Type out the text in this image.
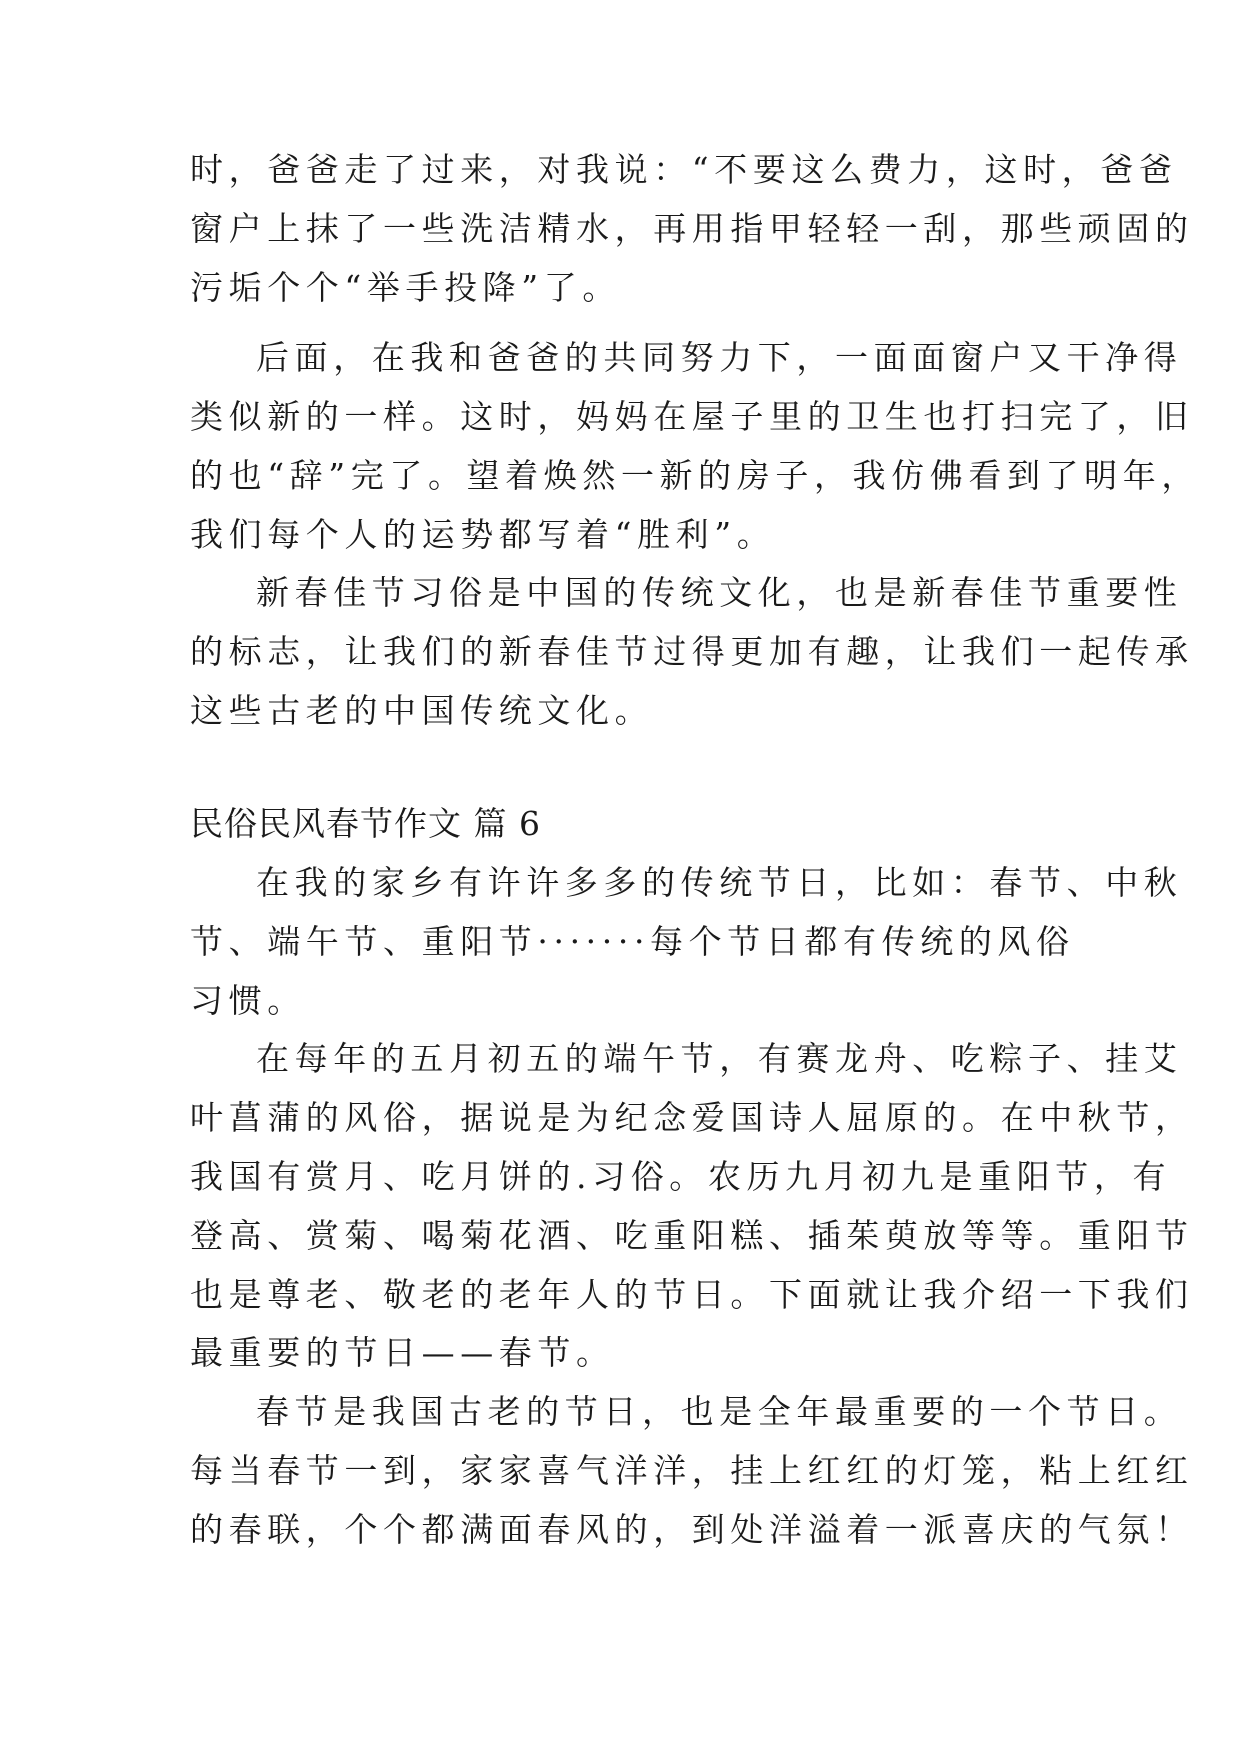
时，爸爸走了过来，对我说：“不要这么费力，这时，爸爸
窗户上抹了一些洗洁精水，再用指甲轻轻一刮，那些顽固的
污垢个个“举手投降”了。
后面，在我和爸爸的共同努力下，一面面窗户又干净得
类似新的一样。这时，妈妈在屋子里的卫生也打扫完了，旧
的也“辞”完了。望着焕然一新的房子，我仿佛看到了明年，
我们每个人的运势都写着“胜利”。
新春佳节习俗是中国的传统文化，也是新春佳节重要性
的标志，让我们的新春佳节过得更加有趣，让我们一起传承
这些古老的中国传统文化。
民俗民风春节作文 篇 6
在我的家乡有许许多多的传统节日，比如：春节、中秋
节、端午节、重阳节·······每个节日都有传统的风俗
习惯。
在每年的五月初五的端午节，有赛龙舟、吃粽子、挂艾
叶菖蒲的风俗，据说是为纪念爱国诗人屈原的。在中秋节，
我国有赏月、吃月饼的.习俗。农历九月初九是重阳节，有
登高、赏菊、喝菊花酒、吃重阳糕、插茱萸放等等。重阳节
也是尊老、敬老的老年人的节日。下面就让我介绍一下我们
最重要的节日——春节。
春节是我国古老的节日，也是全年最重要的一个节日。
每当春节一到，家家喜气洋洋，挂上红红的灯笼，粘上红红
的春联，个个都满面春风的，到处洋溢着一派喜庆的气氛！
